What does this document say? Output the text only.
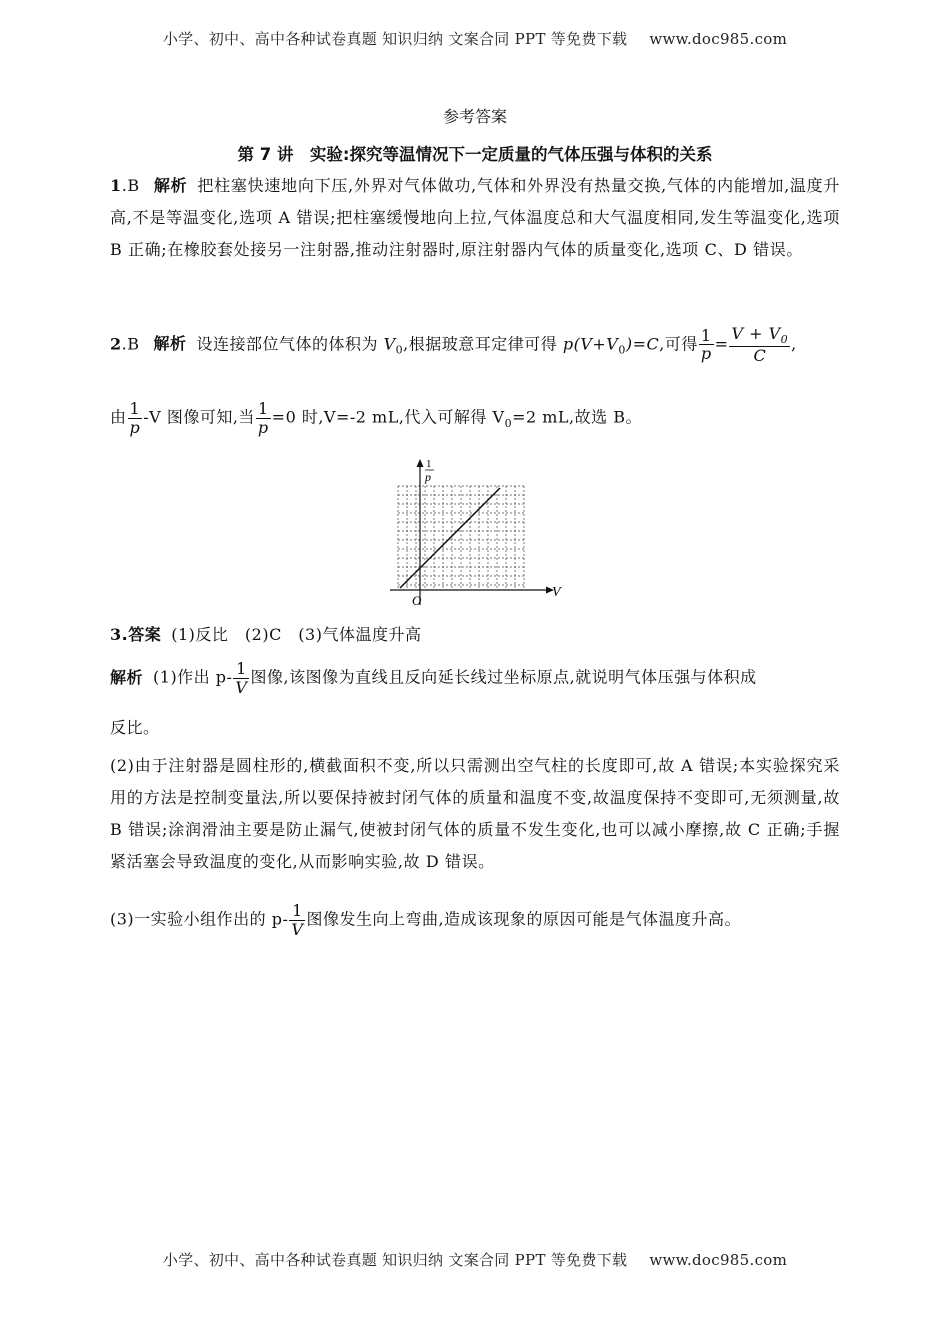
小学、初中、高中各种试卷真题 知识归纳 文案合同 PPT 等免费下载 www.doc985.com
参考答案
第 7 讲　实验:探究等温情况下一定质量的气体压强与体积的关系
1.B 解析 把柱塞快速地向下压,外界对气体做功,气体和外界没有热量交换,气体的内能增加,温度升高,不是等温变化,选项 A 错误;把柱塞缓慢地向上拉,气体温度总和大气温度相同,发生等温变化,选项 B 正确;在橡胶套处接另一注射器,推动注射器时,原注射器内气体的质量变化,选项 C、D 错误。
2.B 解析 设连接部位气体的体积为 $V_0$,根据玻意耳定律可得 $p(V+V_0)=C$,可得 $\frac{1}{p} = \frac{V + V_0}{C}$ ,
由 $\frac{1}{p} -V$ 图像可知,当 $\frac{1}{p} =0$ 时,V=-2 mL,代入可解得 $V_0=2$ mL,故选 B。
1
p
V
O
3.答案 (1)反比　(2)C　(3)气体温度升高
解析 (1)作出 $p- \frac{1}{V}$ 图像,该图像为直线且反向延长线过坐标原点,就说明气体压强与体积成
反比。
(2)由于注射器是圆柱形的,横截面积不变,所以只需测出空气柱的长度即可,故 A 错误;本实验探究采用的方法是控制变量法,所以要保持被封闭气体的质量和温度不变,故温度保持不变即可,无须测量,故 B 错误;涂润滑油主要是防止漏气,使被封闭气体的质量不发生变化,也可以减小摩擦,故 C 正确;手握紧活塞会导致温度的变化,从而影响实验,故 D 错误。
(3)一实验小组作出的 $p- \frac{1}{V}$ 图像发生向上弯曲,造成该现象的原因可能是气体温度升高。
小学、初中、高中各种试卷真题 知识归纳 文案合同 PPT 等免费下载 www.doc985.com
